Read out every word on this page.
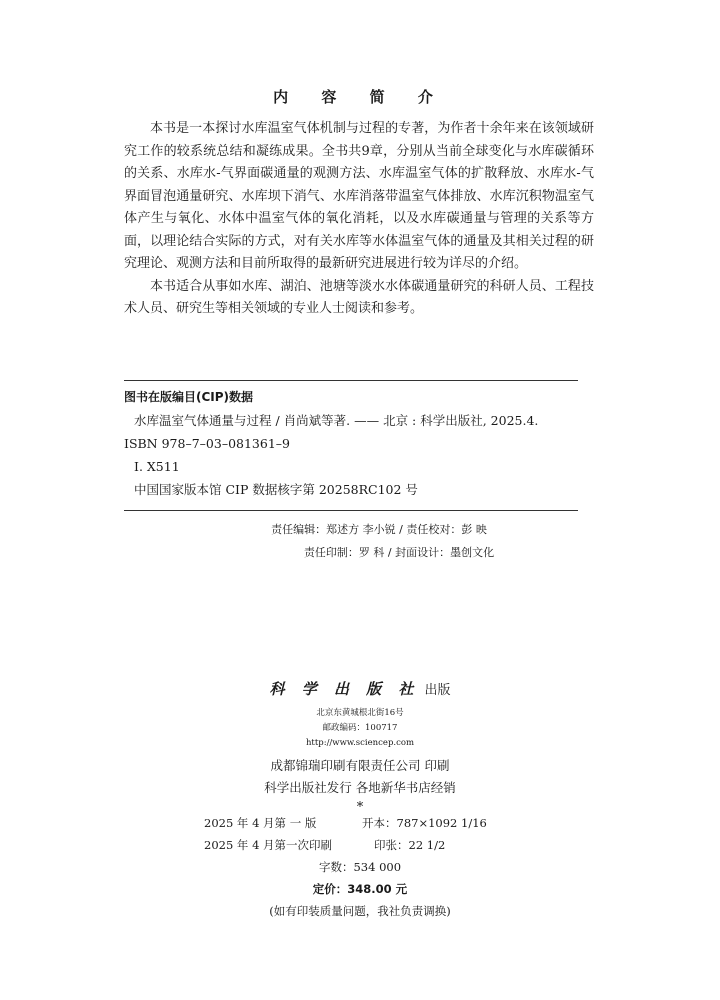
内 容 简 介

本书是一本探讨水库温室气体机制与过程的专著，为作者十余年来在该领域研究工作的较系统总结和凝练成果。全书共9章，分别从当前全球变化与水库碳循环的关系、水库水-气界面碳通量的观测方法、水库温室气体的扩散释放、水库水-气界面冒泡通量研究、水库坝下消气、水库消落带温室气体排放、水库沉积物温室气体产生与氧化、水体中温室气体的氧化消耗，以及水库碳通量与管理的关系等方面，以理论结合实际的方式，对有关水库等水体温室气体的通量及其相关过程的研究理论、观测方法和目前所取得的最新研究进展进行较为详尽的介绍。

本书适合从事如水库、湖泊、池塘等淡水水体碳通量研究的科研人员、工程技术人员、研究生等相关领域的专业人士阅读和参考。

图书在版编目(CIP)数据
水库温室气体通量与过程 / 肖尚斌等著. —— 北京 : 科学出版社, 2025.4.
ISBN 978–7–03–081361–9
Ⅰ. X511
中国国家版本馆 CIP 数据核字第 20258RC102 号
责任编辑：郑述方 李小锐 / 责任校对：彭 映
责任印制：罗 科 / 封面设计：墨创文化
科 学 出 版 社 出版
北京东黄城根北街16号
邮政编码：100717
http://www.sciencep.com
成都锦瑞印刷有限责任公司 印刷
科学出版社发行 各地新华书店经销
*
2025 年 4 月第 一 版	开本：787×1092 1/16
2025 年 4 月第一次印刷	印张：22 1/2
字数：534 000
定价：348.00 元
(如有印装质量问题，我社负责调换)
